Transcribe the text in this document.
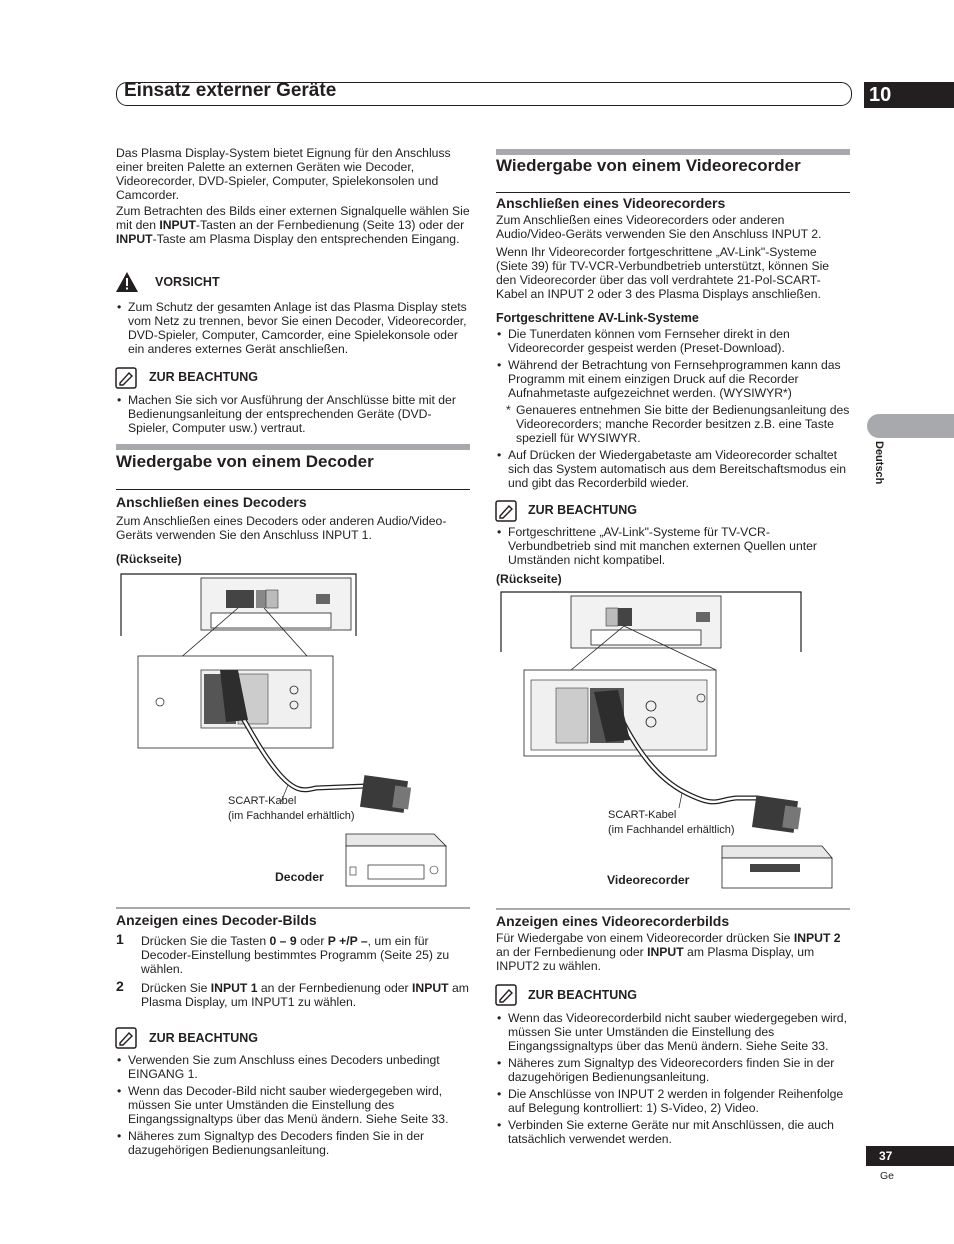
Einsatz externer Geräte	10
Deutsch
Das Plasma Display-System bietet Eignung für den Anschluss einer breiten Palette an externen Geräten wie Decoder, Videorecorder, DVD-Spieler, Computer, Spielekonsolen und Camcorder.
Zum Betrachten des Bilds einer externen Signalquelle wählen Sie mit den INPUT-Tasten an der Fernbedienung (Seite 13) oder der INPUT-Taste am Plasma Display den entsprechenden Eingang.
VORSICHT
• Zum Schutz der gesamten Anlage ist das Plasma Display stets vom Netz zu trennen, bevor Sie einen Decoder, Videorecorder, DVD-Spieler, Computer, Camcorder, eine Spielekonsole oder ein anderes externes Gerät anschließen.
ZUR BEACHTUNG
• Machen Sie sich vor Ausführung der Anschlüsse bitte mit der Bedienungsanleitung der entsprechenden Geräte (DVD-Spieler, Computer usw.) vertraut.
Wiedergabe von einem Decoder
Anschließen eines Decoders
Zum Anschließen eines Decoders oder anderen Audio/Video-Geräts verwenden Sie den Anschluss INPUT 1.
(Rückseite)
SCART-Kabel
(im Fachhandel erhältlich)
Decoder
Anzeigen eines Decoder-Bilds
1 Drücken Sie die Tasten 0 – 9 oder P +/P –, um ein für Decoder-Einstellung bestimmtes Programm (Seite 25) zu wählen.
2 Drücken Sie INPUT 1 an der Fernbedienung oder INPUT am Plasma Display, um INPUT1 zu wählen.
ZUR BEACHTUNG
• Verwenden Sie zum Anschluss eines Decoders unbedingt EINGANG 1.
• Wenn das Decoder-Bild nicht sauber wiedergegeben wird, müssen Sie unter Umständen die Einstellung des Eingangssignaltyps über das Menü ändern. Siehe Seite 33.
• Näheres zum Signaltyp des Decoders finden Sie in der dazugehörigen Bedienungsanleitung.
Wiedergabe von einem Videorecorder
Anschließen eines Videorecorders
Zum Anschließen eines Videorecorders oder anderen Audio/Video-Geräts verwenden Sie den Anschluss INPUT 2.
Wenn Ihr Videorecorder fortgeschrittene „AV-Link"-Systeme (Siete 39) für TV-VCR-Verbundbetrieb unterstützt, können Sie den Videorecorder über das voll verdrahtete 21-Pol-SCART-Kabel an INPUT 2 oder 3 des Plasma Displays anschließen.
Fortgeschrittene AV-Link-Systeme
• Die Tunerdaten können vom Fernseher direkt in den Videorecorder gespeist werden (Preset-Download).
• Während der Betrachtung von Fernsehprogrammen kann das Programm mit einem einzigen Druck auf die Recorder Aufnahmetaste aufgezeichnet werden. (WYSIWYR*)
* Genaueres entnehmen Sie bitte der Bedienungsanleitung des Videorecorders; manche Recorder besitzen z.B. eine Taste speziell für WYSIWYR.
• Auf Drücken der Wiedergabetaste am Videorecorder schaltet sich das System automatisch aus dem Bereitschaftsmodus ein und gibt das Recorderbild wieder.
ZUR BEACHTUNG
• Fortgeschrittene „AV-Link"-Systeme für TV-VCR-Verbundbetrieb sind mit manchen externen Quellen unter Umständen nicht kompatibel.
(Rückseite)
SCART-Kabel
(im Fachhandel erhältlich)
Videorecorder
Anzeigen eines Videorecorderbilds
Für Wiedergabe von einem Videorecorder drücken Sie INPUT 2 an der Fernbedienung oder INPUT am Plasma Display, um INPUT2 zu wählen.
ZUR BEACHTUNG
• Wenn das Videorecorderbild nicht sauber wiedergegeben wird, müssen Sie unter Umständen die Einstellung des Eingangssignaltyps über das Menü ändern. Siehe Seite 33.
• Näheres zum Signaltyp des Videorecorders finden Sie in der dazugehörigen Bedienungsanleitung.
• Die Anschlüsse von INPUT 2 werden in folgender Reihenfolge auf Belegung kontrolliert: 1) S-Video, 2) Video.
• Verbinden Sie externe Geräte nur mit Anschlüssen, die auch tatsächlich verwendet werden.
37
Ge
